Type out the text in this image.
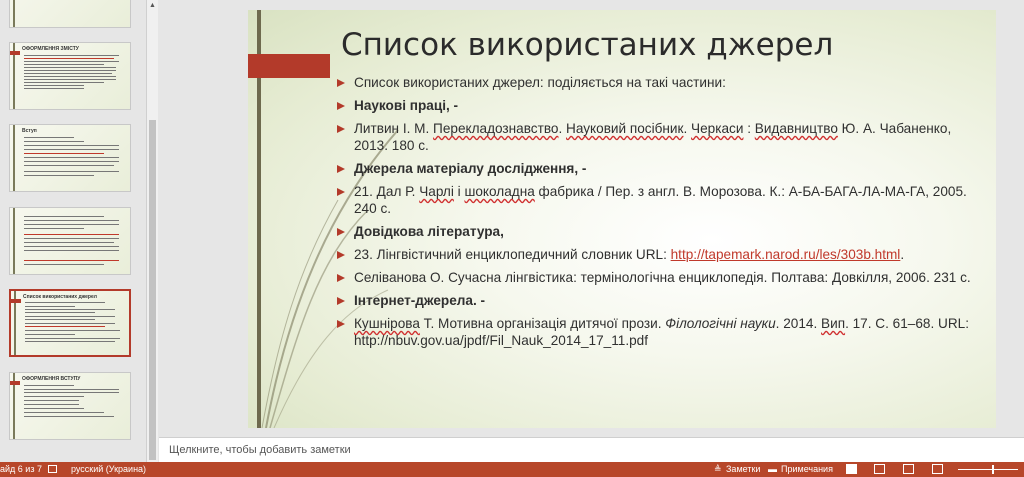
ОФОРМЛЕННЯ ЗМІСТУ
Вступ
Список використаних джерел
ОФОРМЛЕННЯ ВСТУПУ
▲
Список використаних джерел
Список використаних джерел: поділяється на такі частини:
Наукові праці, -
Литвин І. М. Перекладознавство. Науковий посібник. Черкаси : Видавництво Ю. А. Чабаненко, 2013. 180 с.
Джерела матеріалу дослідження, -
21. Дал Р. Чарлі і шоколадна фабрика / Пер. з англ. В. Морозова. К.: А-БА-БАГА-ЛА-МА-ГА, 2005. 240 с.
Довідкова література,
23. Лінгвістичний енциклопедичний словник URL: http://tapemark.narod.ru/les/303b.html.
Селіванова О. Сучасна лінгвістика: термінологічна енциклопедія. Полтава: Довкілля, 2006. 231 с.
Інтернет-джерела. -
Кушнірова Т. Мотивна організація дитячої прози. Філологічні науки. 2014. Вип. 17. С. 61–68. URL: http://nbuv.gov.ua/jpdf/Fil_Nauk_2014_17_11.pdf
Щелкните, чтобы добавить заметки
айд 6 из 7	русский (Украина)	≜ Заметки ▬ Примечания
